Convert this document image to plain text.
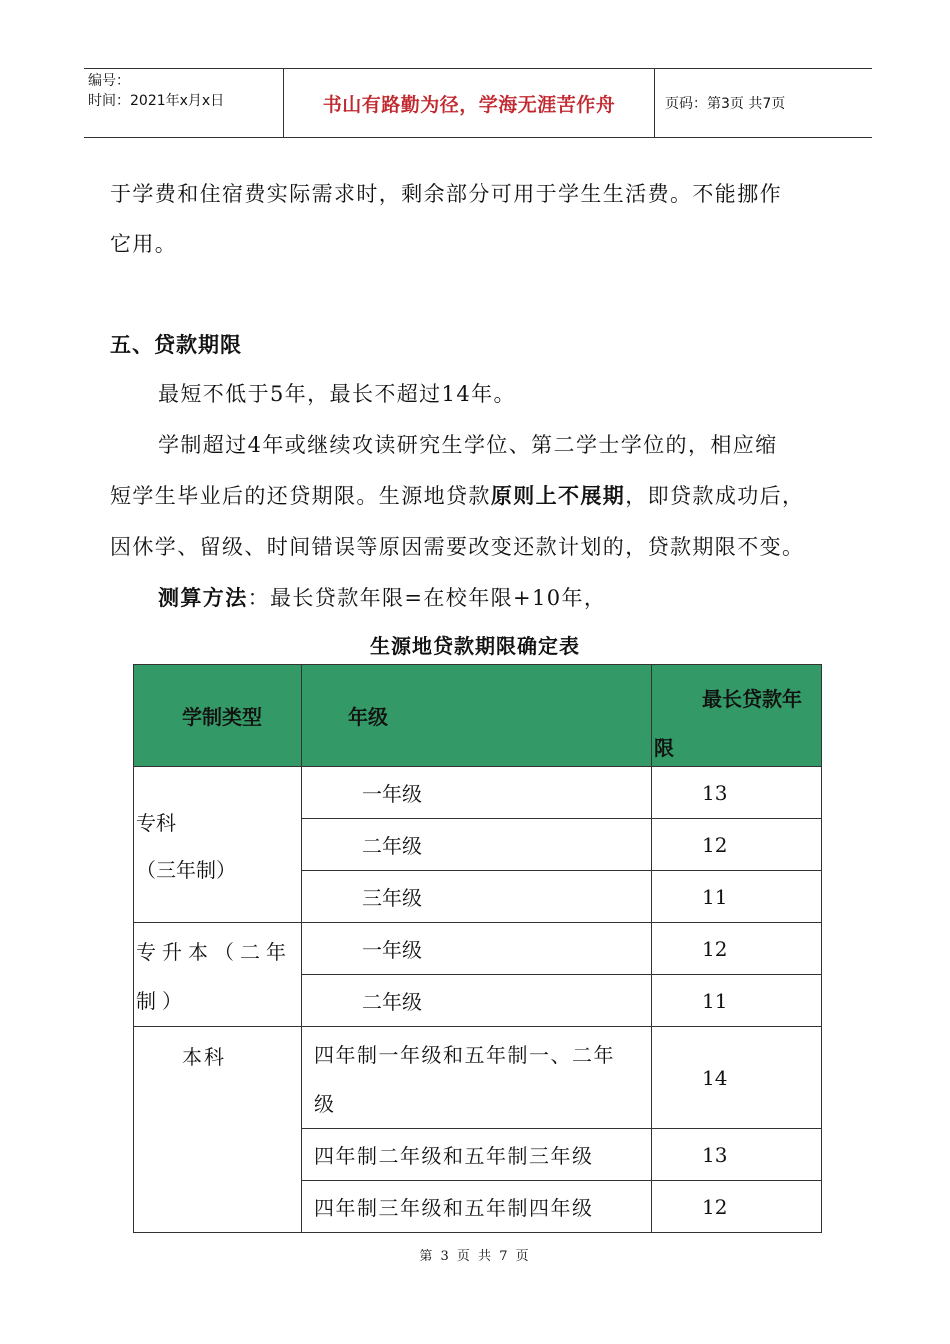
编号：
时间：2021年x月x日	书山有路勤为径，学海无涯苦作舟	页码：第3页 共7页
于学费和住宿费实际需求时，剩余部分可用于学生生活费。不能挪作
它用。
五、贷款期限
最短不低于5年，最长不超过14年。
学制超过4年或继续攻读研究生学位、第二学士学位的，相应缩
短学生毕业后的还贷期限。生源地贷款原则上不展期，即贷款成功后，
因休学、留级、时间错误等原因需要改变还款计划的，贷款期限不变。
测算方法：最长贷款年限=在校年限+10年，
生源地贷款期限确定表
学制类型	年级	最长贷款年
限

专科
（三年制）	一年级	13

	二年级	12

	三年级	11

专升本（二年
制）	一年级	12

	二年级	11

本科	四年制一年级和五年制一、二年
级	14

	四年制二年级和五年制三年级	13

	四年制三年级和五年制四年级	12
第 3 页 共 7 页
